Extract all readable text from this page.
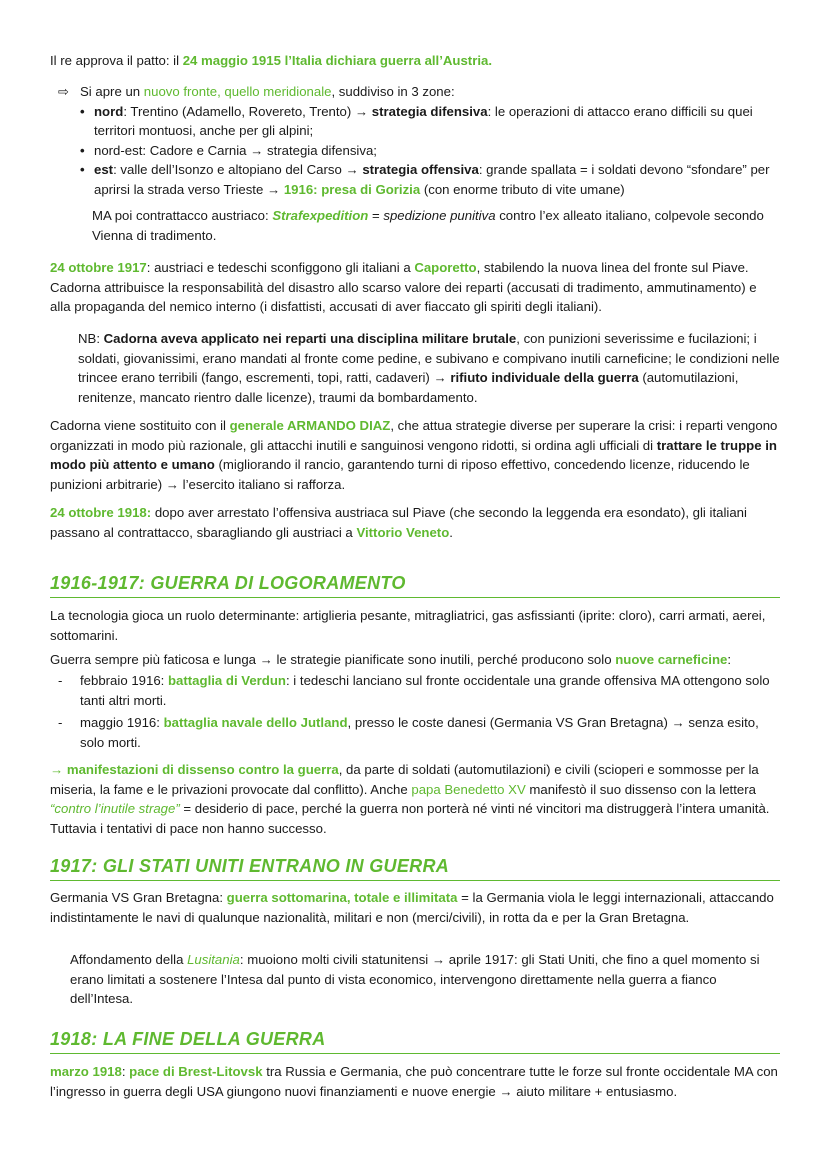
Il re approva il patto: il 24 maggio 1915 l’Italia dichiara guerra all’Austria.

⇨ Si apre un nuovo fronte, quello meridionale, suddiviso in 3 zone:
• nord: Trentino (Adamello, Rovereto, Trento) → strategia difensiva: le operazioni di attacco erano difficili su quei territori montuosi, anche per gli alpini;
• nord-est: Cadore e Carnia → strategia difensiva;
• est: valle dell’Isonzo e altopiano del Carso → strategia offensiva: grande spallata = i soldati devono “sfondare” per aprirsi la strada verso Trieste → 1916: presa di Gorizia (con enorme tributo di vite umane)

MA poi contrattacco austriaco: Strafexpedition = spedizione punitiva contro l’ex alleato italiano, colpevole secondo Vienna di tradimento.

24 ottobre 1917: austriaci e tedeschi sconfiggono gli italiani a Caporetto, stabilendo la nuova linea del fronte sul Piave. Cadorna attribuisce la responsabilità del disastro allo scarso valore dei reparti (accusati di tradimento, ammutinamento) e alla propaganda del nemico interno (i disfattisti, accusati di aver fiaccato gli spiriti degli italiani).

NB: Cadorna aveva applicato nei reparti una disciplina militare brutale, con punizioni severissime e fucilazioni; i soldati, giovanissimi, erano mandati al fronte come pedine, e subivano e compivano inutili carneficine; le condizioni nelle trincee erano terribili (fango, escrementi, topi, ratti, cadaveri) → rifiuto individuale della guerra (automutilazioni, renitenze, mancato rientro dalle licenze), traumi da bombardamento.

Cadorna viene sostituito con il generale ARMANDO DIAZ, che attua strategie diverse per superare la crisi: i reparti vengono organizzati in modo più razionale, gli attacchi inutili e sanguinosi vengono ridotti, si ordina agli ufficiali di trattare le truppe in modo più attento e umano (migliorando il rancio, garantendo turni di riposo effettivo, concedendo licenze, riducendo le punizioni arbitrarie) → l’esercito italiano si rafforza.

24 ottobre 1918: dopo aver arrestato l’offensiva austriaca sul Piave (che secondo la leggenda era esondato), gli italiani passano al contrattacco, sbaragliando gli austriaci a Vittorio Veneto.

1916-1917: GUERRA DI LOGORAMENTO

La tecnologia gioca un ruolo determinante: artiglieria pesante, mitragliatrici, gas asfissianti (iprite: cloro), carri armati, aerei, sottomarini.

Guerra sempre più faticosa e lunga → le strategie pianificate sono inutili, perché producono solo nuove carneficine:

- febbraio 1916: battaglia di Verdun: i tedeschi lanciano sul fronte occidentale una grande offensiva MA ottengono solo tanti altri morti.
- maggio 1916: battaglia navale dello Jutland, presso le coste danesi (Germania VS Gran Bretagna) → senza esito, solo morti.

→ manifestazioni di dissenso contro la guerra, da parte di soldati (automutilazioni) e civili (scioperi e sommosse per la miseria, la fame e le privazioni provocate dal conflitto). Anche papa Benedetto XV manifestò il suo dissenso con la lettera “contro l’inutile strage” = desiderio di pace, perché la guerra non porterà né vinti né vincitori ma distruggerà l’intera umanità. Tuttavia i tentativi di pace non hanno successo.

1917: GLI STATI UNITI ENTRANO IN GUERRA

Germania VS Gran Bretagna: guerra sottomarina, totale e illimitata = la Germania viola le leggi internazionali, attaccando indistintamente le navi di qualunque nazionalità, militari e non (merci/civili), in rotta da e per la Gran Bretagna.

Affondamento della Lusitania: muoiono molti civili statunitensi → aprile 1917: gli Stati Uniti, che fino a quel momento si erano limitati a sostenere l’Intesa dal punto di vista economico, intervengono direttamente nella guerra a fianco dell’Intesa.

1918: LA FINE DELLA GUERRA

marzo 1918: pace di Brest-Litovsk tra Russia e Germania, che può concentrare tutte le forze sul fronte occidentale MA con l’ingresso in guerra degli USA giungono nuovi finanziamenti e nuove energie → aiuto militare + entusiasmo.
